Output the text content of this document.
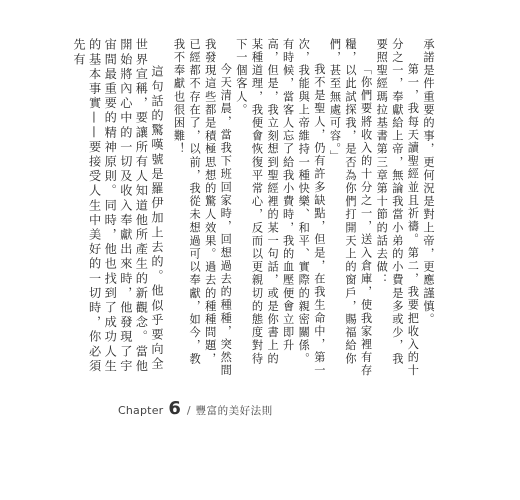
承諾是件重要的事，更何況是對上帝，更應謹慎。

第一，我每天讀聖經並且祈禱。第二，我要把收入的十分之一，奉獻給上帝，無論我當小弟的小費是多或少，我要照聖經瑪拉基書第三章第十節的話去做：

「你們要將收入的十分之一，送入倉庫，使我家裡有存糧，以此試探我，是否為你們打開天上的窗戶，賜福給你們，甚至無處可容。」

我不是聖人，仍有許多缺點，但是，在我生命中，第一次，我能與上帝維持一種快樂、和平、實際的親密關係。有時候，當客人忘了給我小費時，我的血壓便會立即升高，但是，我立刻想到聖經裡的某一句話，或是你書上的某種道理，我便會恢復平常心，反而以更親切的態度對待下一個客人。

今天清晨，當我下班回家時，回想過去的種種，突然間我發現這些都是積極思想的驚人效果。過去的種種問題，已經都不存在了，以前，我從未想過可以奉獻，如今，教我不奉獻也很困難！

這句話的驚嘆號是羅伊加上去的。他似乎要向全世界宣稱，要讓所有人知道他所產生的新觀念。當他開始將內心中的一切及收入奉獻出來時，他發現了宇宙間最重要的精神原則。同時，他也找到了成功人生的基本事實——要接受人生中美好的一切時，你必須先有

Chapter 6 / 豐富的美好法則
